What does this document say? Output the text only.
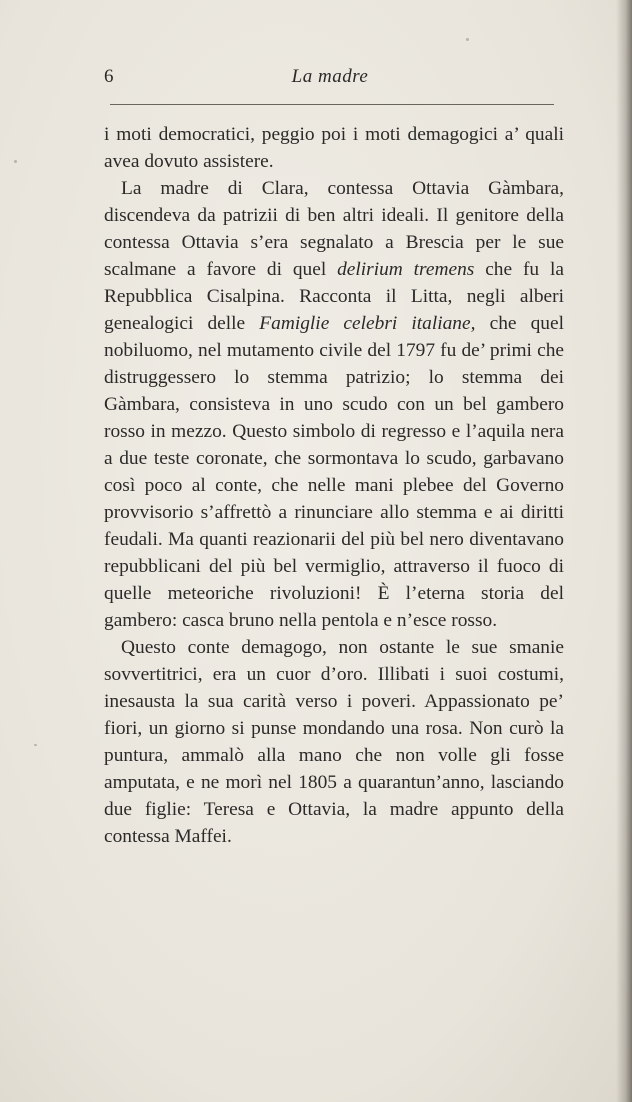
6	La madre

i moti democratici, peggio poi i moti demagogici a’ quali avea dovuto assistere.

La madre di Clara, contessa Ottavia Gàmbara, discendeva da patrizii di ben altri ideali. Il genitore della contessa Ottavia s’era segnalato a Brescia per le sue scalmane a favore di quel delirium tremens che fu la Repubblica Cisalpina. Racconta il Litta, negli alberi genealogici delle Famiglie celebri italiane, che quel nobiluomo, nel mutamento civile del 1797 fu de’ primi che distruggessero lo stemma patrizio; lo stemma dei Gàmbara, consisteva in uno scudo con un bel gambero rosso in mezzo. Questo simbolo di regresso e l’aquila nera a due teste coronate, che sormontava lo scudo, garbavano così poco al conte, che nelle mani plebee del Governo provvisorio s’affrettò a rinunciare allo stemma e ai diritti feudali. Ma quanti reazionarii del più bel nero diventavano repubblicani del più bel vermiglio, attraverso il fuoco di quelle meteoriche rivoluzioni! È l’eterna storia del gambero: casca bruno nella pentola e n’esce rosso.

Questo conte demagogo, non ostante le sue smanie sovvertitrici, era un cuor d’oro. Illibati i suoi costumi, inesausta la sua carità verso i poveri. Appassionato pe’ fiori, un giorno si punse mondando una rosa. Non curò la puntura, ammalò alla mano che non volle gli fosse amputata, e ne morì nel 1805 a quarantun’anno, lasciando due figlie: Teresa e Ottavia, la madre appunto della contessa Maffei.
